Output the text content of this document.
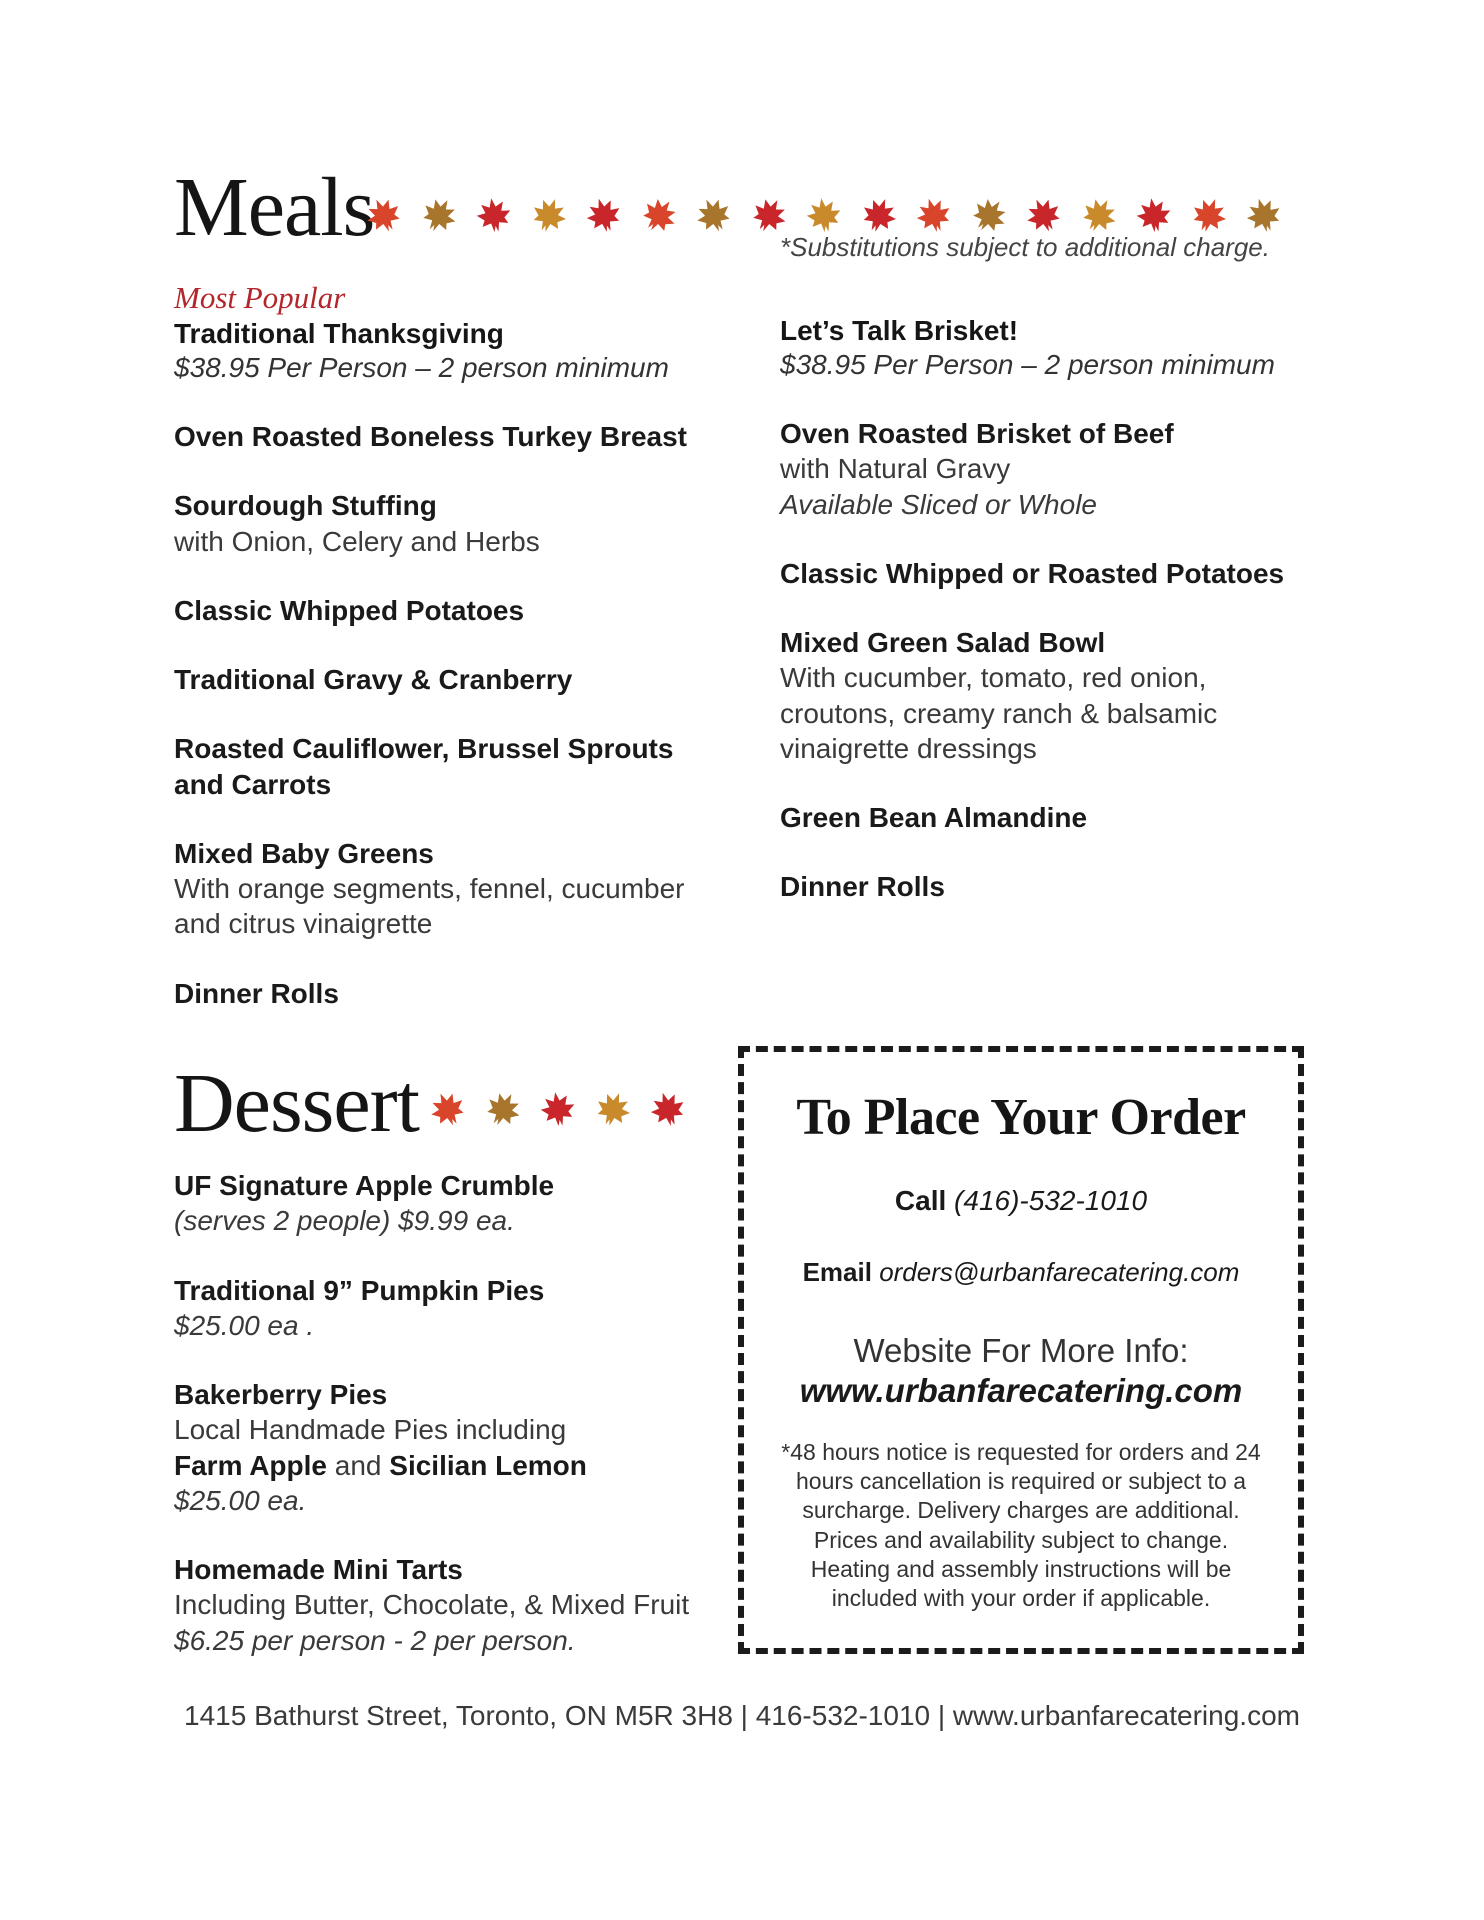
Meals	*Substitutions subject to additional charge.
Most Popular
Traditional Thanksgiving
$38.95 Per Person – 2 person minimum
Oven Roasted Boneless Turkey Breast
Sourdough Stuffing
with Onion, Celery and Herbs
Classic Whipped Potatoes
Traditional Gravy & Cranberry
Roasted Cauliflower, Brussel Sprouts and Carrots
Mixed Baby Greens
With orange segments, fennel, cucumber and citrus vinaigrette
Dinner Rolls
Let’s Talk Brisket!
$38.95 Per Person – 2 person minimum
Oven Roasted Brisket of Beef
with Natural Gravy
Available Sliced or Whole
Classic Whipped or Roasted Potatoes
Mixed Green Salad Bowl
With cucumber, tomato, red onion, croutons, creamy ranch & balsamic vinaigrette dressings
Green Bean Almandine
Dinner Rolls
Dessert
UF Signature Apple Crumble
(serves 2 people) $9.99 ea.
Traditional 9” Pumpkin Pies
$25.00 ea .
Bakerberry Pies
Local Handmade Pies including
Farm Apple and Sicilian Lemon
$25.00 ea.
Homemade Mini Tarts
Including Butter, Chocolate, & Mixed Fruit
$6.25 per person - 2 per person.
To Place Your Order
Call (416)-532-1010
Email orders@urbanfarecatering.com
Website For More Info:
www.urbanfarecatering.com
*48 hours notice is requested for orders and 24 hours cancellation is required or subject to a surcharge. Delivery charges are additional. Prices and availability subject to change. Heating and assembly instructions will be included with your order if applicable.
1415 Bathurst Street, Toronto, ON M5R 3H8 | 416-532-1010 | www.urbanfarecatering.com
